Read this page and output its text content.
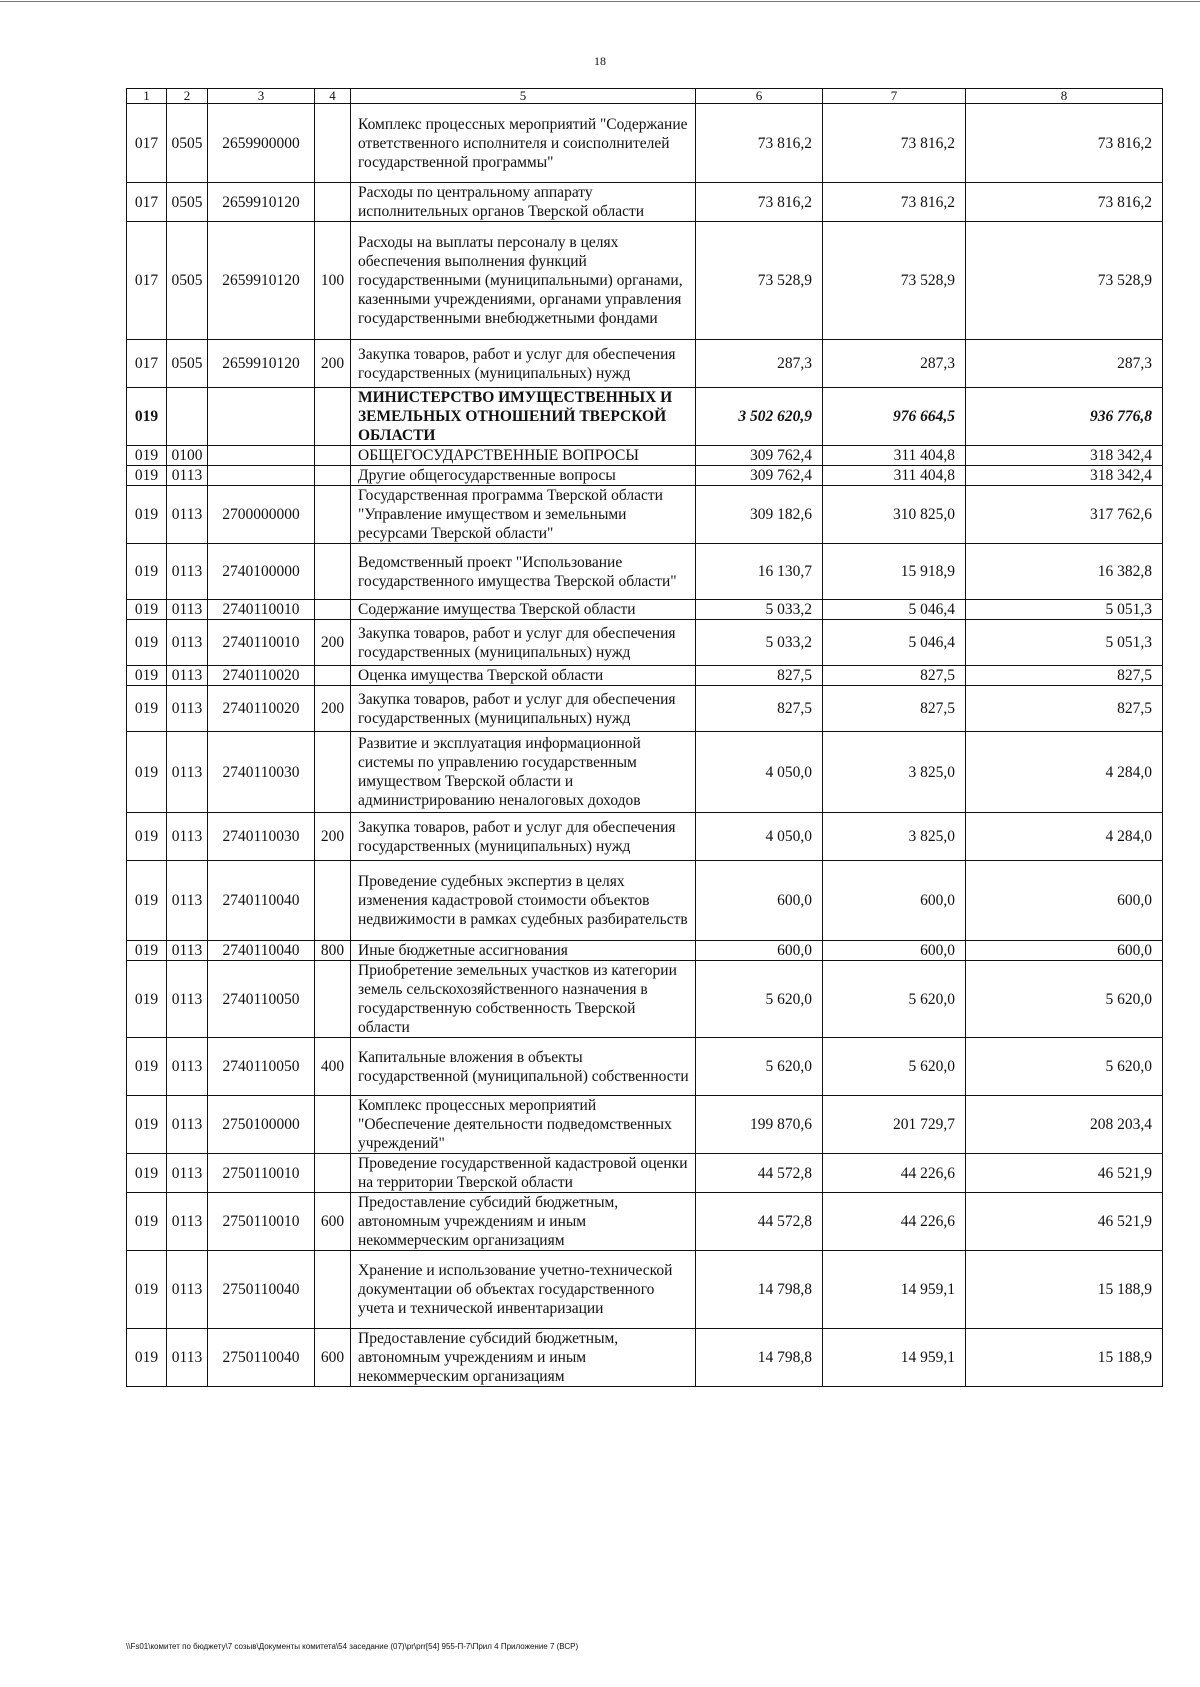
18
1	2	3	4	5	6	7	8
017	0505	2659900000		Комплекс процессных мероприятий "Содержание ответственного исполнителя и соисполнителей государственной программы"	73 816,2	73 816,2	73 816,2
017	0505	2659910120		Расходы по центральному аппарату исполнительных органов Тверской области	73 816,2	73 816,2	73 816,2
017	0505	2659910120	100	Расходы на выплаты персоналу в целях обеспечения выполнения функций государственными (муниципальными) органами, казенными учреждениями, органами управления государственными внебюджетными фондами	73 528,9	73 528,9	73 528,9
017	0505	2659910120	200	Закупка товаров, работ и услуг для обеспечения государственных (муниципальных) нужд	287,3	287,3	287,3
019				МИНИСТЕРСТВО ИМУЩЕСТВЕННЫХ И ЗЕМЕЛЬНЫХ ОТНОШЕНИЙ ТВЕРСКОЙ ОБЛАСТИ	3 502 620,9	976 664,5	936 776,8
019	0100			ОБЩЕГОСУДАРСТВЕННЫЕ ВОПРОСЫ	309 762,4	311 404,8	318 342,4
019	0113			Другие общегосударственные вопросы	309 762,4	311 404,8	318 342,4
019	0113	2700000000		Государственная программа Тверской области "Управление имуществом и земельными ресурсами Тверской области"	309 182,6	310 825,0	317 762,6
019	0113	2740100000		Ведомственный проект "Использование государственного имущества Тверской области"	16 130,7	15 918,9	16 382,8
019	0113	2740110010		Содержание имущества Тверской области	5 033,2	5 046,4	5 051,3
019	0113	2740110010	200	Закупка товаров, работ и услуг для обеспечения государственных (муниципальных) нужд	5 033,2	5 046,4	5 051,3
019	0113	2740110020		Оценка имущества Тверской области	827,5	827,5	827,5
019	0113	2740110020	200	Закупка товаров, работ и услуг для обеспечения государственных (муниципальных) нужд	827,5	827,5	827,5
019	0113	2740110030		Развитие и эксплуатация информационной системы по управлению государственным имуществом Тверской области и администрированию неналоговых доходов	4 050,0	3 825,0	4 284,0
019	0113	2740110030	200	Закупка товаров, работ и услуг для обеспечения государственных (муниципальных) нужд	4 050,0	3 825,0	4 284,0
019	0113	2740110040		Проведение судебных экспертиз в целях изменения кадастровой стоимости объектов недвижимости в рамках судебных разбирательств	600,0	600,0	600,0
019	0113	2740110040	800	Иные бюджетные ассигнования	600,0	600,0	600,0
019	0113	2740110050		Приобретение земельных участков из категории земель сельскохозяйственного назначения в государственную собственность Тверской области	5 620,0	5 620,0	5 620,0
019	0113	2740110050	400	Капитальные вложения в объекты государственной (муниципальной) собственности	5 620,0	5 620,0	5 620,0
019	0113	2750100000		Комплекс процессных мероприятий "Обеспечение деятельности подведомственных учреждений"	199 870,6	201 729,7	208 203,4
019	0113	2750110010		Проведение государственной кадастровой оценки на территории Тверской области	44 572,8	44 226,6	46 521,9
019	0113	2750110010	600	Предоставление субсидий бюджетным, автономным учреждениям и иным некоммерческим организациям	44 572,8	44 226,6	46 521,9
019	0113	2750110040		Хранение и использование учетно-технической документации об объектах государственного учета и технической инвентаризации	14 798,8	14 959,1	15 188,9
019	0113	2750110040	600	Предоставление субсидий бюджетным, автономным учреждениям и иным некоммерческим организациям	14 798,8	14 959,1	15 188,9
\\Fs01\комитет по бюджету\7 созыв\Документы комитета\54 заседание (07)\pr\prr[54] 955-П-7\Прил 4 Приложение 7 (ВСР)
